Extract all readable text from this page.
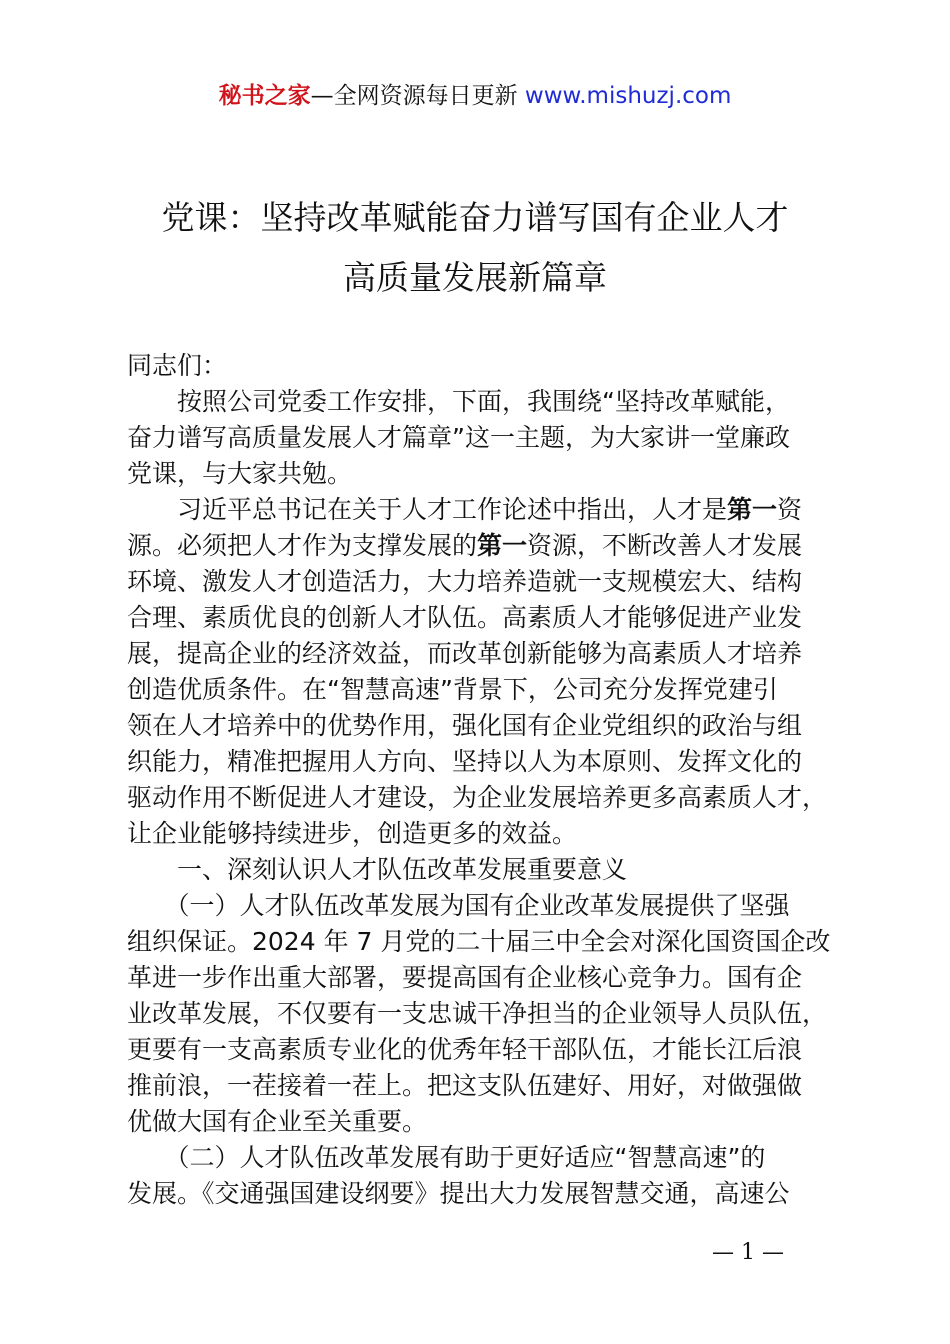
秘书之家—全网资源每日更新 www.mishuzj.com
党课：坚持改革赋能奋力谱写国有企业人才
高质量发展新篇章

同志们：

　　按照公司党委工作安排，下面，我围绕“坚持改革赋能，

奋力谱写高质量发展人才篇章”这一主题，为大家讲一堂廉政

党课，与大家共勉。

　　习近平总书记在关于人才工作论述中指出，人才是第一资

源。必须把人才作为支撑发展的第一资源，不断改善人才发展

环境、激发人才创造活力，大力培养造就一支规模宏大、结构

合理、素质优良的创新人才队伍。高素质人才能够促进产业发

展，提高企业的经济效益，而改革创新能够为高素质人才培养

创造优质条件。在“智慧高速”背景下，公司充分发挥党建引

领在人才培养中的优势作用，强化国有企业党组织的政治与组

织能力，精准把握用人方向、坚持以人为本原则、发挥文化的

驱动作用不断促进人才建设，为企业发展培养更多高素质人才，

让企业能够持续进步，创造更多的效益。

　　一、深刻认识人才队伍改革发展重要意义

　　（一）人才队伍改革发展为国有企业改革发展提供了坚强

组织保证。2024 年 7 月党的二十届三中全会对深化国资国企改

革进一步作出重大部署，要提高国有企业核心竞争力。国有企

业改革发展，不仅要有一支忠诚干净担当的企业领导人员队伍，

更要有一支高素质专业化的优秀年轻干部队伍，才能长江后浪

推前浪，一茬接着一茬上。把这支队伍建好、用好，对做强做

优做大国有企业至关重要。

　　（二）人才队伍改革发展有助于更好适应“智慧高速”的

发展。《交通强国建设纲要》提出大力发展智慧交通，高速公

— 1 —
